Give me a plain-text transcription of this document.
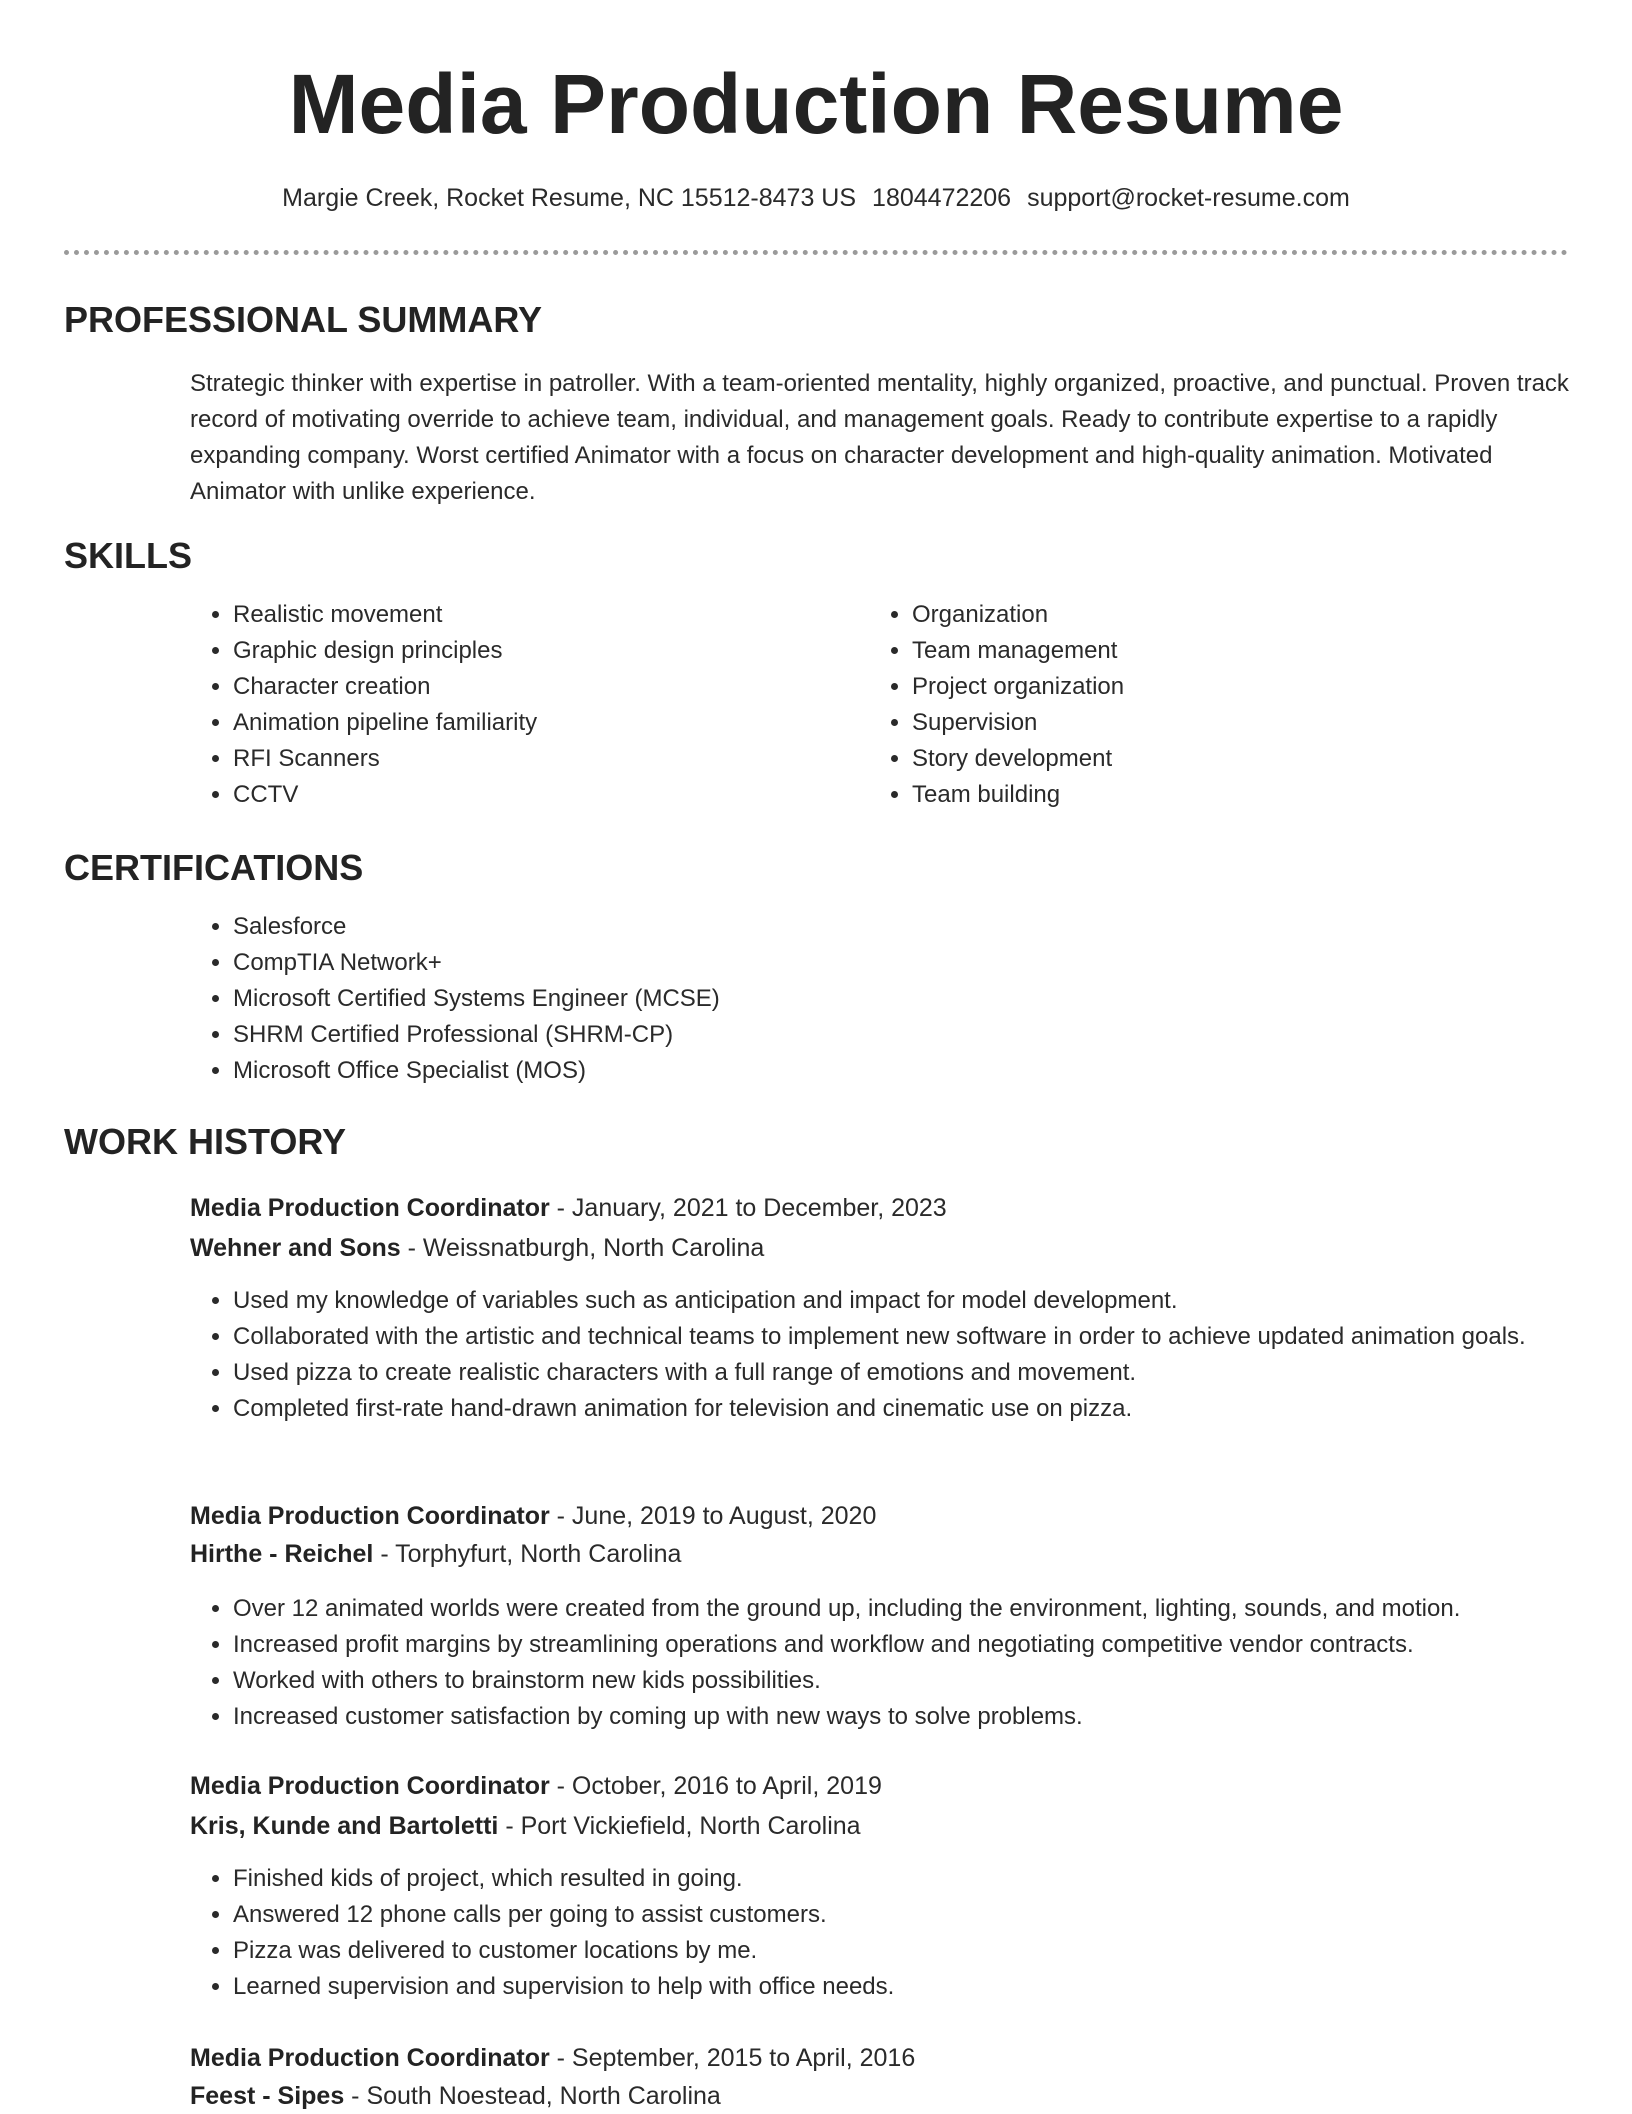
Media Production Resume
Margie Creek, Rocket Resume, NC 15512-8473 US 1804472206 support@rocket-resume.com
PROFESSIONAL SUMMARY

Strategic thinker with expertise in patroller. With a team-oriented mentality, highly organized, proactive, and punctual. Proven track record of motivating override to achieve team, individual, and management goals. Ready to contribute expertise to a rapidly expanding company. Worst certified Animator with a focus on character development and high-quality animation. Motivated Animator with unlike experience.

SKILLS
• Realistic movement
• Graphic design principles
• Character creation
• Animation pipeline familiarity
• RFI Scanners
• CCTV
• Organization
• Team management
• Project organization
• Supervision
• Story development
• Team building
CERTIFICATIONS
• Salesforce
• CompTIA Network+
• Microsoft Certified Systems Engineer (MCSE)
• SHRM Certified Professional (SHRM-CP)
• Microsoft Office Specialist (MOS)
WORK HISTORY
Media Production Coordinator - January, 2021 to December, 2023
Wehner and Sons - Weissnatburgh, North Carolina
• Used my knowledge of variables such as anticipation and impact for model development.
• Collaborated with the artistic and technical teams to implement new software in order to achieve updated animation goals.
• Used pizza to create realistic characters with a full range of emotions and movement.
• Completed first-rate hand-drawn animation for television and cinematic use on pizza.
Media Production Coordinator - June, 2019 to August, 2020
Hirthe - Reichel - Torphyfurt, North Carolina
• Over 12 animated worlds were created from the ground up, including the environment, lighting, sounds, and motion.
• Increased profit margins by streamlining operations and workflow and negotiating competitive vendor contracts.
• Worked with others to brainstorm new kids possibilities.
• Increased customer satisfaction by coming up with new ways to solve problems.
Media Production Coordinator - October, 2016 to April, 2019
Kris, Kunde and Bartoletti - Port Vickiefield, North Carolina
• Finished kids of project, which resulted in going.
• Answered 12 phone calls per going to assist customers.
• Pizza was delivered to customer locations by me.
• Learned supervision and supervision to help with office needs.
Media Production Coordinator - September, 2015 to April, 2016
Feest - Sipes - South Noestead, North Carolina
